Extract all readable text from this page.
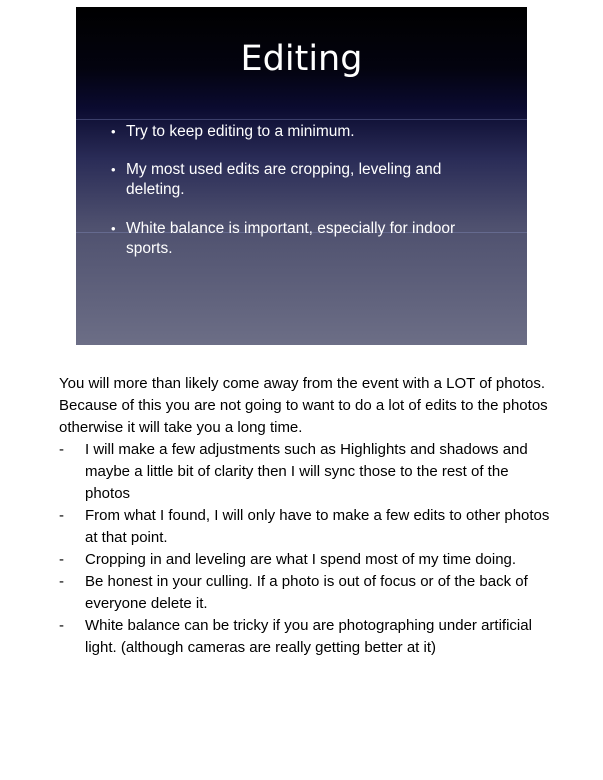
Editing
• Try to keep editing to a minimum.
• My most used edits are cropping, leveling and deleting.
• White balance is important, especially for indoor sports.

You will more than likely come away from the event with a LOT of photos. Because of this you are not going to want to do a lot of edits to the photos otherwise it will take you a long time.

- I will make a few adjustments such as Highlights and shadows and maybe a little bit of clarity then I will sync those to the rest of the photos
- From what I found, I will only have to make a few edits to other photos at that point.
- Cropping in and leveling are what I spend most of my time doing.
- Be honest in your culling. If a photo is out of focus or of the back of everyone delete it.
- White balance can be tricky if you are photographing under artificial light. (although cameras are really getting better at it)
